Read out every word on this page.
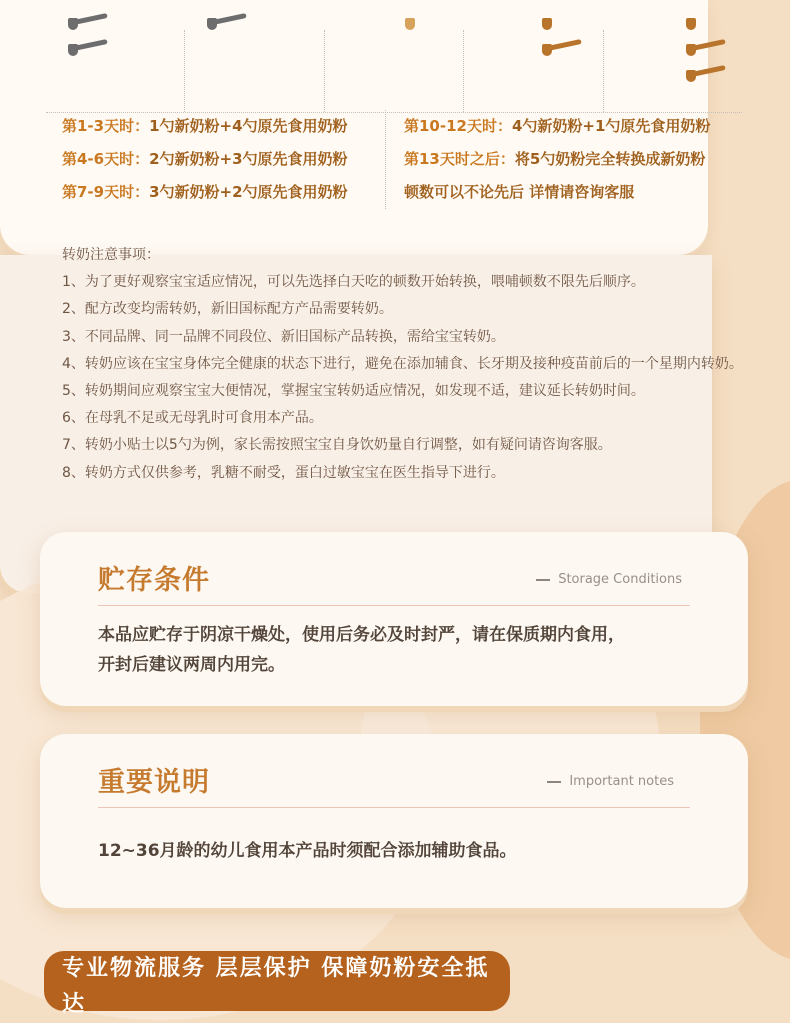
第1-3天时：1勺新奶粉+4勺原先食用奶粉
第4-6天时：2勺新奶粉+3勺原先食用奶粉
第7-9天时：3勺新奶粉+2勺原先食用奶粉
第10-12天时：4勺新奶粉+1勺原先食用奶粉
第13天时之后：将5勺奶粉完全转换成新奶粉
顿数可以不论先后 详情请咨询客服
转奶注意事项：
1、为了更好观察宝宝适应情况，可以先选择白天吃的顿数开始转换，喂哺顿数不限先后顺序。
2、配方改变均需转奶，新旧国标配方产品需要转奶。
3、不同品牌、同一品牌不同段位、新旧国标产品转换，需给宝宝转奶。
4、转奶应该在宝宝身体完全健康的状态下进行，避免在添加辅食、长牙期及接种疫苗前后的一个星期内转奶。
5、转奶期间应观察宝宝大便情况，掌握宝宝转奶适应情况，如发现不适，建议延长转奶时间。
6、在母乳不足或无母乳时可食用本产品。
7、转奶小贴士以5勺为例，家长需按照宝宝自身饮奶量自行调整，如有疑问请咨询客服。
8、转奶方式仅供参考，乳糖不耐受，蛋白过敏宝宝在医生指导下进行。
贮存条件	Storage Conditions
本品应贮存于阴凉干燥处，使用后务必及时封严，请在保质期内食用，
开封后建议两周内用完。
重要说明	Important notes
12~36月龄的幼儿食用本产品时须配合添加辅助食品。
专业物流服务 层层保护 保障奶粉安全抵达
